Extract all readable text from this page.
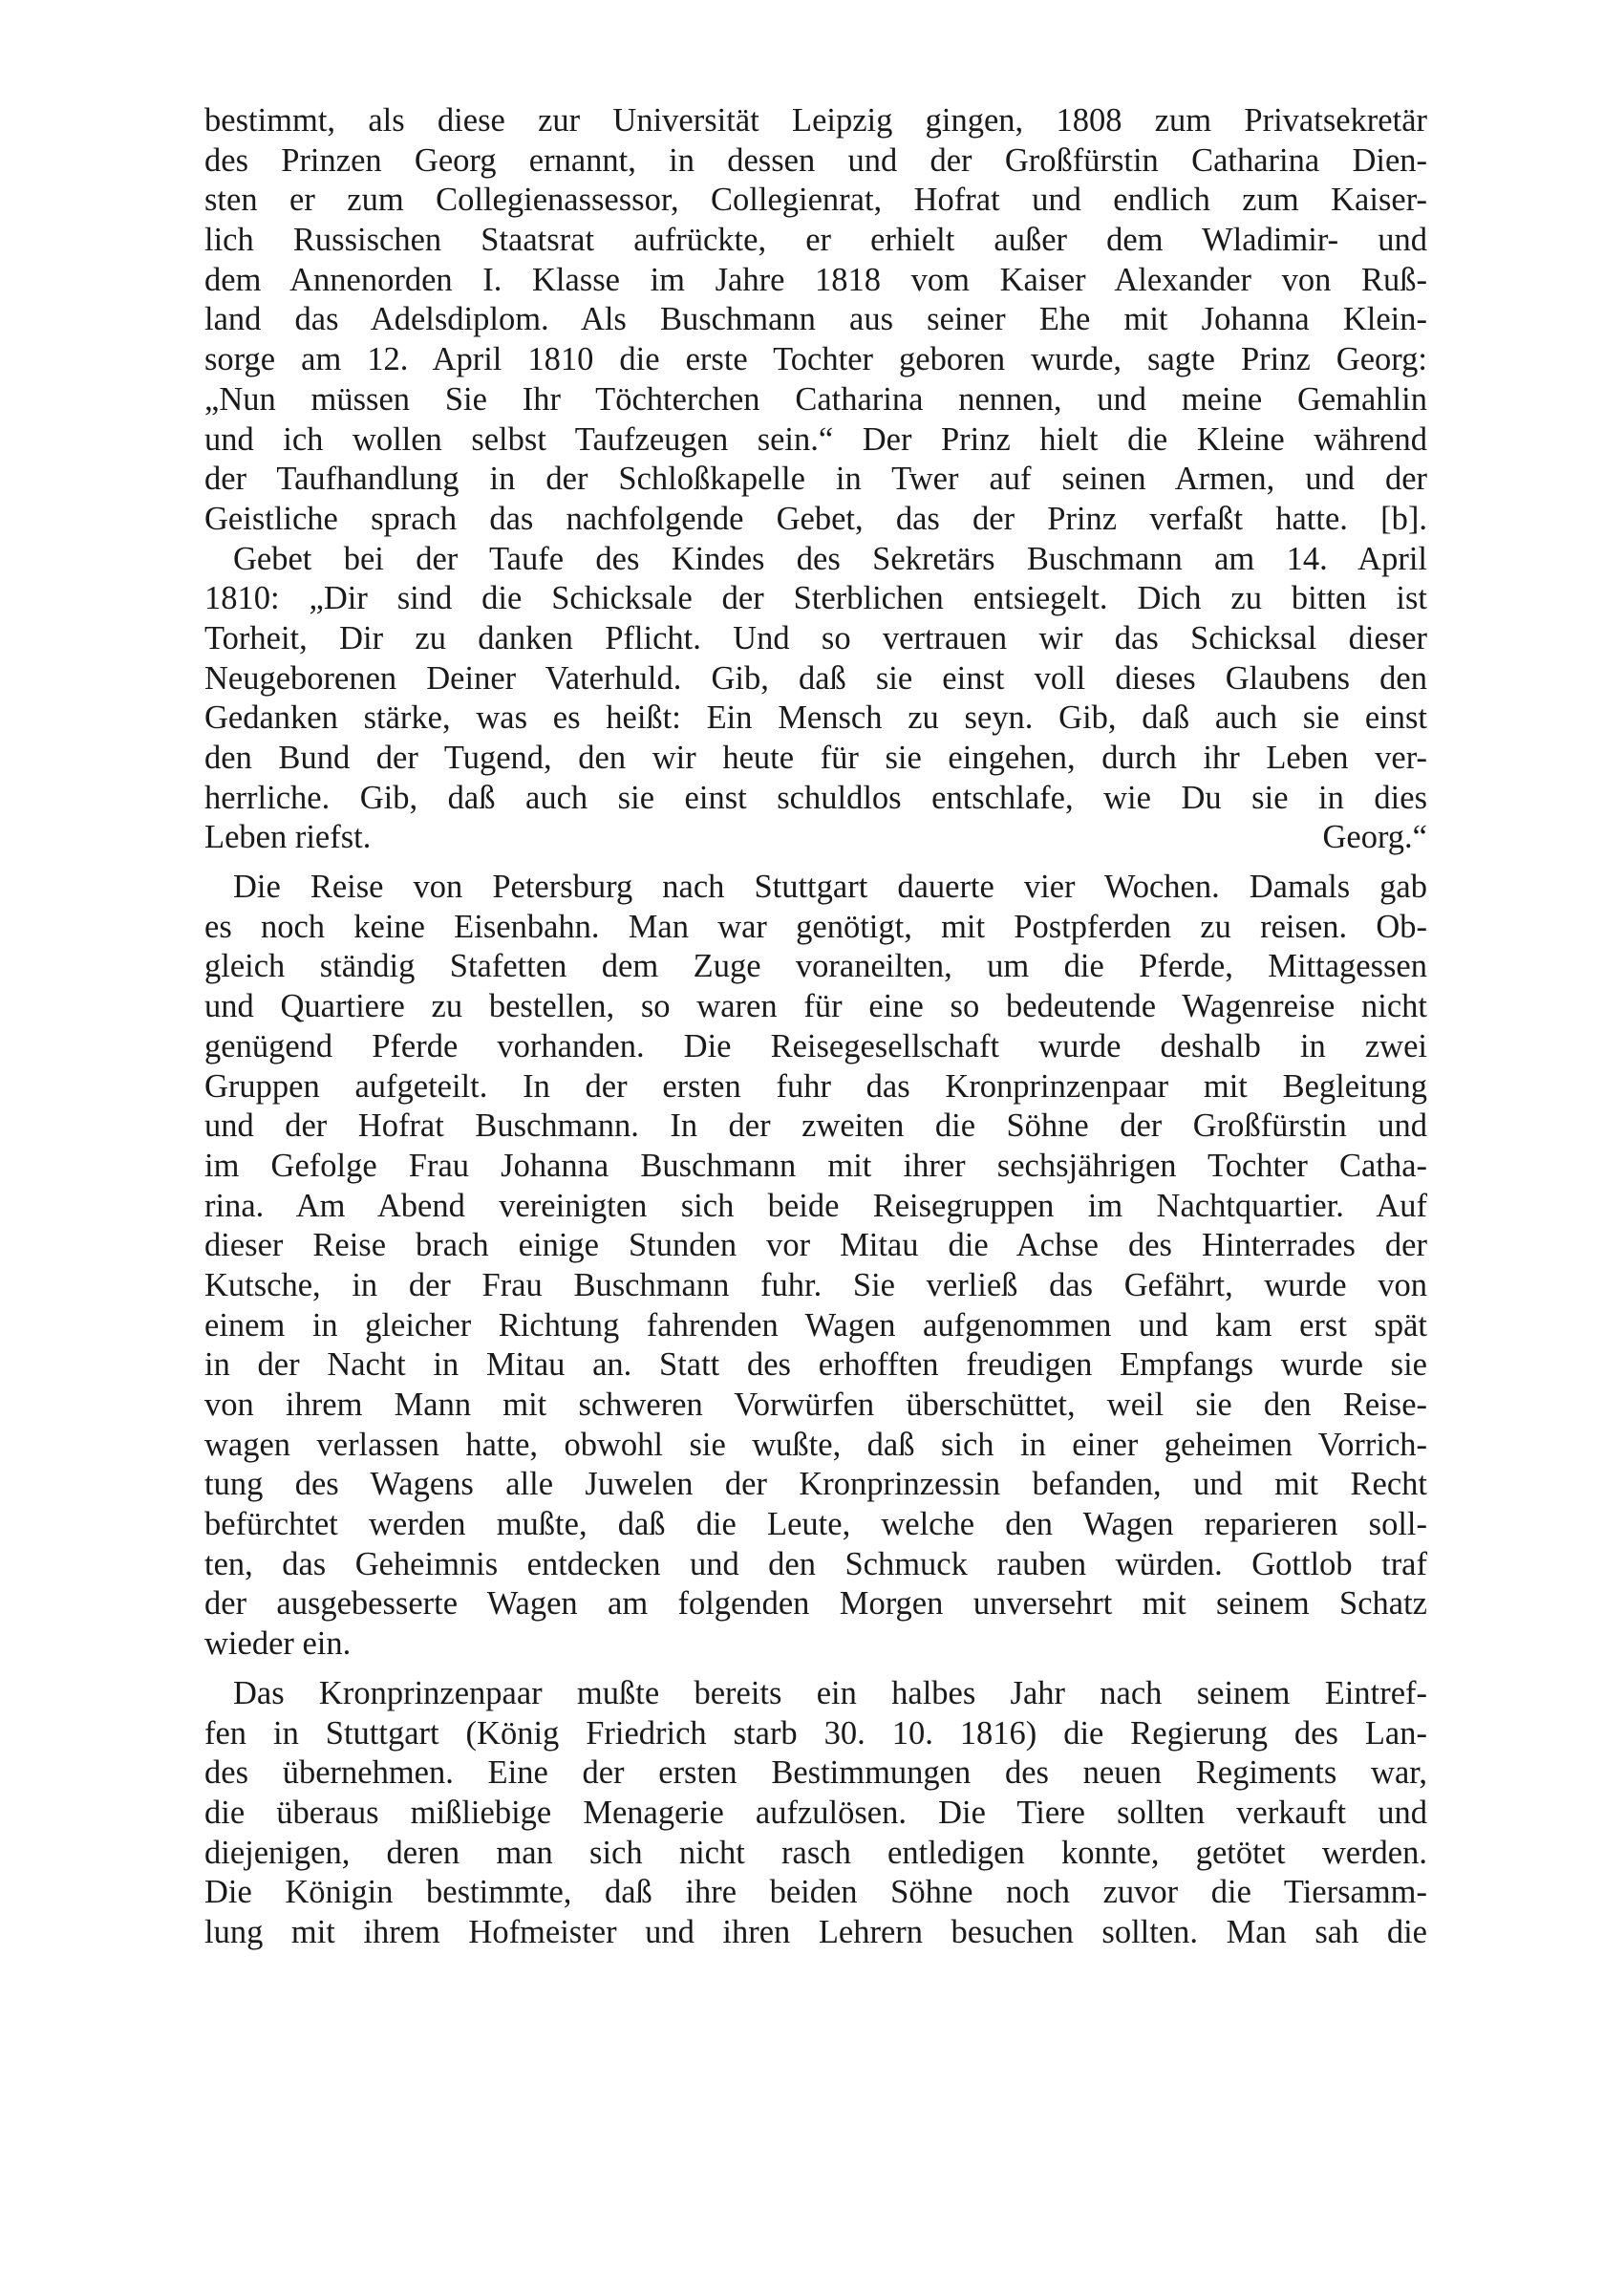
bestimmt, als diese zur Universität Leipzig gingen, 1808 zum Privatsekretär
des Prinzen Georg ernannt, in dessen und der Großfürstin Catharina Dien-
sten er zum Collegienassessor, Collegienrat, Hofrat und endlich zum Kaiser-
lich Russischen Staatsrat aufrückte, er erhielt außer dem Wladimir- und
dem Annenorden I. Klasse im Jahre 1818 vom Kaiser Alexander von Ruß-
land das Adelsdiplom. Als Buschmann aus seiner Ehe mit Johanna Klein-
sorge am 12. April 1810 die erste Tochter geboren wurde, sagte Prinz Georg:
„Nun müssen Sie Ihr Töchterchen Catharina nennen, und meine Gemahlin
und ich wollen selbst Taufzeugen sein.“ Der Prinz hielt die Kleine während
der Taufhandlung in der Schloßkapelle in Twer auf seinen Armen, und der
Geistliche sprach das nachfolgende Gebet, das der Prinz verfaßt hatte. [b].
Gebet bei der Taufe des Kindes des Sekretärs Buschmann am 14. April
1810: „Dir sind die Schicksale der Sterblichen entsiegelt. Dich zu bitten ist
Torheit, Dir zu danken Pflicht. Und so vertrauen wir das Schicksal dieser
Neugeborenen Deiner Vaterhuld. Gib, daß sie einst voll dieses Glaubens den
Gedanken stärke, was es heißt: Ein Mensch zu seyn. Gib, daß auch sie einst
den Bund der Tugend, den wir heute für sie eingehen, durch ihr Leben ver-
herrliche. Gib, daß auch sie einst schuldlos entschlafe, wie Du sie in dies
Leben riefst.	Georg.“
Die Reise von Petersburg nach Stuttgart dauerte vier Wochen. Damals gab
es noch keine Eisenbahn. Man war genötigt, mit Postpferden zu reisen. Ob-
gleich ständig Stafetten dem Zuge voraneilten, um die Pferde, Mittagessen
und Quartiere zu bestellen, so waren für eine so bedeutende Wagenreise nicht
genügend Pferde vorhanden. Die Reisegesellschaft wurde deshalb in zwei
Gruppen aufgeteilt. In der ersten fuhr das Kronprinzenpaar mit Begleitung
und der Hofrat Buschmann. In der zweiten die Söhne der Großfürstin und
im Gefolge Frau Johanna Buschmann mit ihrer sechsjährigen Tochter Catha-
rina. Am Abend vereinigten sich beide Reisegruppen im Nachtquartier. Auf
dieser Reise brach einige Stunden vor Mitau die Achse des Hinterrades der
Kutsche, in der Frau Buschmann fuhr. Sie verließ das Gefährt, wurde von
einem in gleicher Richtung fahrenden Wagen aufgenommen und kam erst spät
in der Nacht in Mitau an. Statt des erhofften freudigen Empfangs wurde sie
von ihrem Mann mit schweren Vorwürfen überschüttet, weil sie den Reise-
wagen verlassen hatte, obwohl sie wußte, daß sich in einer geheimen Vorrich-
tung des Wagens alle Juwelen der Kronprinzessin befanden, und mit Recht
befürchtet werden mußte, daß die Leute, welche den Wagen reparieren soll-
ten, das Geheimnis entdecken und den Schmuck rauben würden. Gottlob traf
der ausgebesserte Wagen am folgenden Morgen unversehrt mit seinem Schatz
wieder ein.
Das Kronprinzenpaar mußte bereits ein halbes Jahr nach seinem Eintref-
fen in Stuttgart (König Friedrich starb 30. 10. 1816) die Regierung des Lan-
des übernehmen. Eine der ersten Bestimmungen des neuen Regiments war,
die überaus mißliebige Menagerie aufzulösen. Die Tiere sollten verkauft und
diejenigen, deren man sich nicht rasch entledigen konnte, getötet werden.
Die Königin bestimmte, daß ihre beiden Söhne noch zuvor die Tiersamm-
lung mit ihrem Hofmeister und ihren Lehrern besuchen sollten. Man sah die
